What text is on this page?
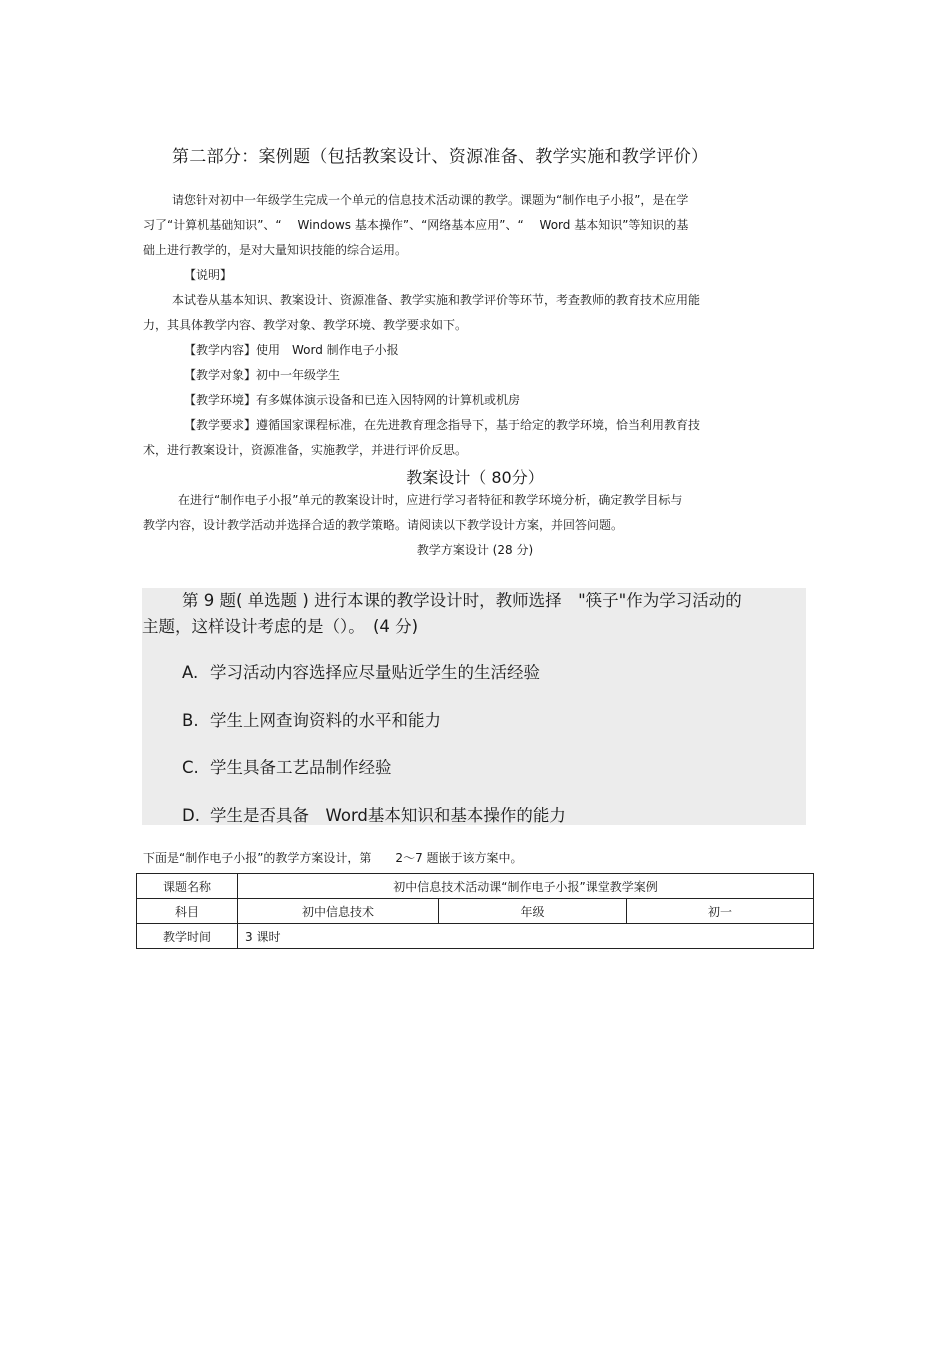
第二部分：案例题（包括教案设计、资源准备、教学实施和教学评价）
请您针对初中一年级学生完成一个单元的信息技术活动课的教学。课题为“制作电子小报”，是在学
习了“计算机基础知识”、“　 Windows 基本操作”、“网络基本应用”、“　 Word 基本知识”等知识的基
础上进行教学的，是对大量知识技能的综合运用。
【说明】
本试卷从基本知识、教案设计、资源准备、教学实施和教学评价等环节，考查教师的教育技术应用能
力，其具体教学内容、教学对象、教学环境、教学要求如下。
【教学内容】使用　Word 制作电子小报
【教学对象】初中一年级学生
【教学环境】有多媒体演示设备和已连入因特网的计算机或机房
【教学要求】遵循国家课程标准，在先进教育理念指导下，基于给定的教学环境，恰当利用教育技
术，进行教案设计，资源准备，实施教学，并进行评价反思。
教案设计（ 80分）
在进行“制作电子小报”单元的教案设计时，应进行学习者特征和教学环境分析，确定教学目标与
教学内容，设计教学活动并选择合适的教学策略。请阅读以下教学设计方案，并回答问题。
教学方案设计 (28 分)
第 9 题( 单选题 ) 进行本课的教学设计时，教师选择　"筷子"作为学习活动的
主题，这样设计考虑的是（）。　(4 分)
A. 学习活动内容选择应尽量贴近学生的生活经验
B. 学生上网查询资料的水平和能力
C. 学生具备工艺品制作经验
D. 学生是否具备　Word基本知识和基本操作的能力
下面是“制作电子小报”的教学方案设计，第　　2～7 题嵌于该方案中。
课题名称	初中信息技术活动课“制作电子小报”课堂教学案例		
科目	初中信息技术	年级	初一
教学时间	3 课时		
